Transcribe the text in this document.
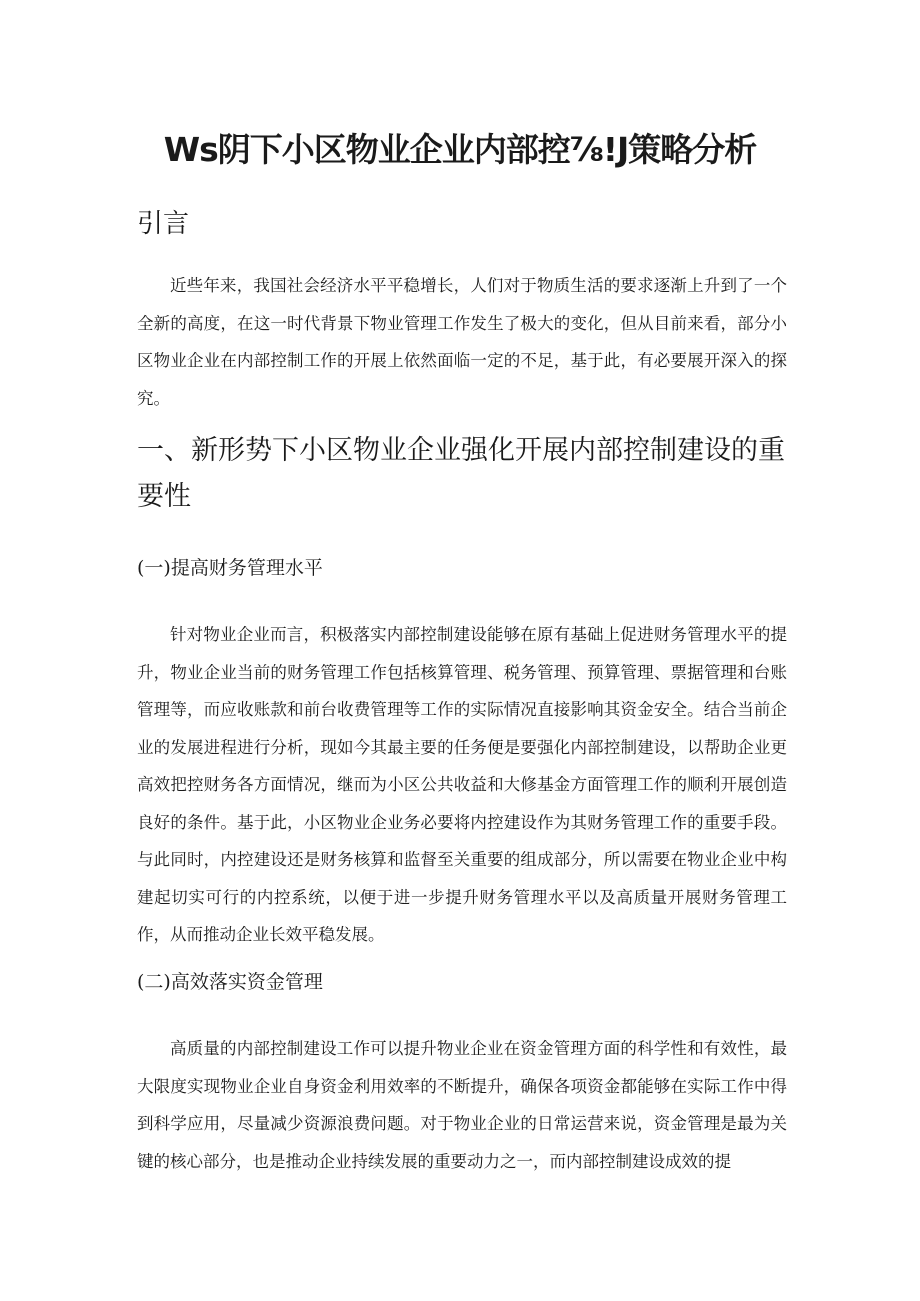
Ws阴下小区物业企业内部控⅞!J策略分析
引言

近些年来，我国社会经济水平平稳增长，人们对于物质生活的要求逐渐上升到了一个全新的高度，在这一时代背景下物业管理工作发生了极大的变化，但从目前来看，部分小区物业企业在内部控制工作的开展上依然面临一定的不足，基于此，有必要展开深入的探究。

一、新形势下小区物业企业强化开展内部控制建设的重要性
(一)提高财务管理水平

针对物业企业而言，积极落实内部控制建设能够在原有基础上促进财务管理水平的提升，物业企业当前的财务管理工作包括核算管理、税务管理、预算管理、票据管理和台账管理等，而应收账款和前台收费管理等工作的实际情况直接影响其资金安全。结合当前企业的发展进程进行分析，现如今其最主要的任务便是要强化内部控制建设，以帮助企业更高效把控财务各方面情况，继而为小区公共收益和大修基金方面管理工作的顺利开展创造良好的条件。基于此，小区物业企业务必要将内控建设作为其财务管理工作的重要手段。与此同时，内控建设还是财务核算和监督至关重要的组成部分，所以需要在物业企业中构建起切实可行的内控系统，以便于进一步提升财务管理水平以及高质量开展财务管理工作，从而推动企业长效平稳发展。

(二)高效落实资金管理

高质量的内部控制建设工作可以提升物业企业在资金管理方面的科学性和有效性，最大限度实现物业企业自身资金利用效率的不断提升，确保各项资金都能够在实际工作中得到科学应用，尽量减少资源浪费问题。对于物业企业的日常运营来说，资金管理是最为关键的核心部分，也是推动企业持续发展的重要动力之一，而内部控制建设成效的提
